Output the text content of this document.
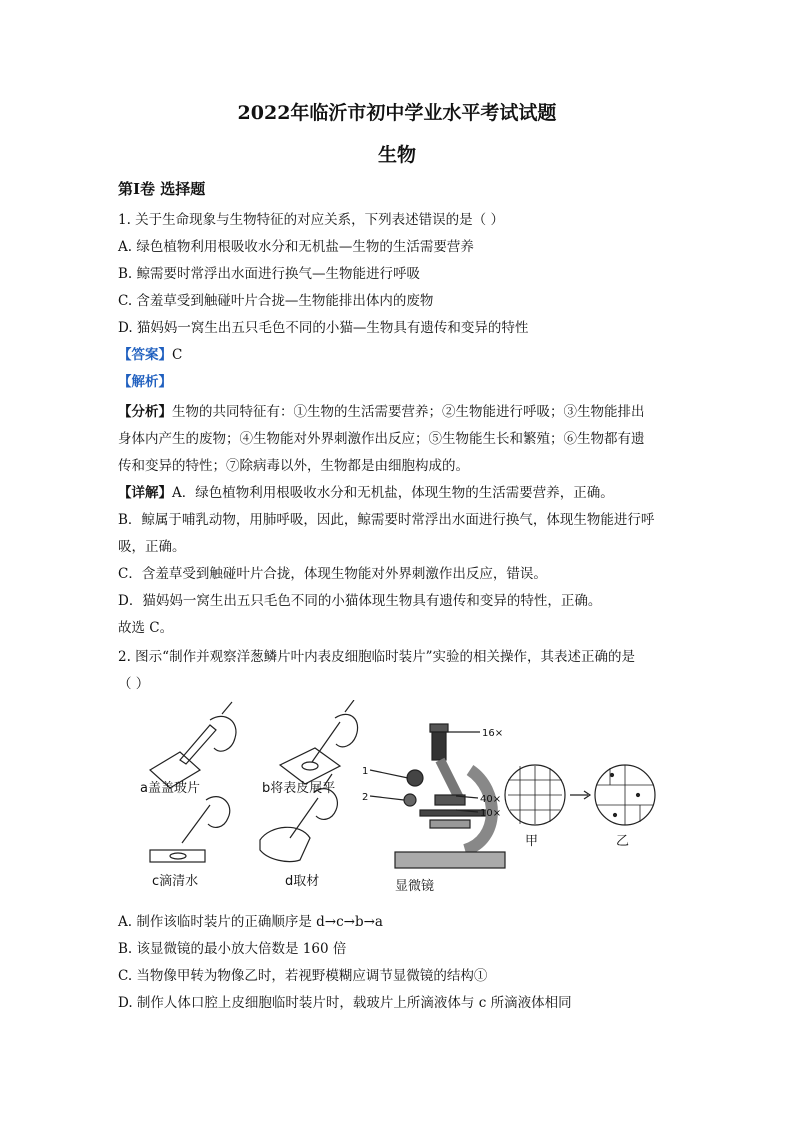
2022年临沂市初中学业水平考试试题
生物
第I卷 选择题
1. 关于生命现象与生物特征的对应关系，下列表述错误的是（ ）
A. 绿色植物利用根吸收水分和无机盐—生物的生活需要营养
B. 鲸需要时常浮出水面进行换气—生物能进行呼吸
C. 含羞草受到触碰叶片合拢—生物能排出体内的废物
D. 猫妈妈一窝生出五只毛色不同的小猫—生物具有遗传和变异的特性
【答案】C
【解析】
【分析】生物的共同特征有：①生物的生活需要营养；②生物能进行呼吸；③生物能排出
身体内产生的废物；④生物能对外界刺激作出反应；⑤生物能生长和繁殖；⑥生物都有遗
传和变异的特性；⑦除病毒以外，生物都是由细胞构成的。
【详解】A．绿色植物利用根吸收水分和无机盐，体现生物的生活需要营养，正确。
B．鲸属于哺乳动物，用肺呼吸，因此，鲸需要时常浮出水面进行换气，体现生物能进行呼
吸，正确。
C．含羞草受到触碰叶片合拢，体现生物能对外界刺激作出反应，错误。
D．猫妈妈一窝生出五只毛色不同的小猫体现生物具有遗传和变异的特性，正确。
故选 C。
2. 图示“制作并观察洋葱鳞片叶内表皮细胞临时装片”实验的相关操作，其表述正确的是
（ ）
a盖盖玻片	b将表皮展平
c滴清水	d取材	显微镜
甲	乙
16×
40×
10×
1
2
A. 制作该临时装片的正确顺序是 d→c→b→a
B. 该显微镜的最小放大倍数是 160 倍
C. 当物像甲转为物像乙时，若视野模糊应调节显微镜的结构①
D. 制作人体口腔上皮细胞临时装片时，载玻片上所滴液体与 c 所滴液体相同
